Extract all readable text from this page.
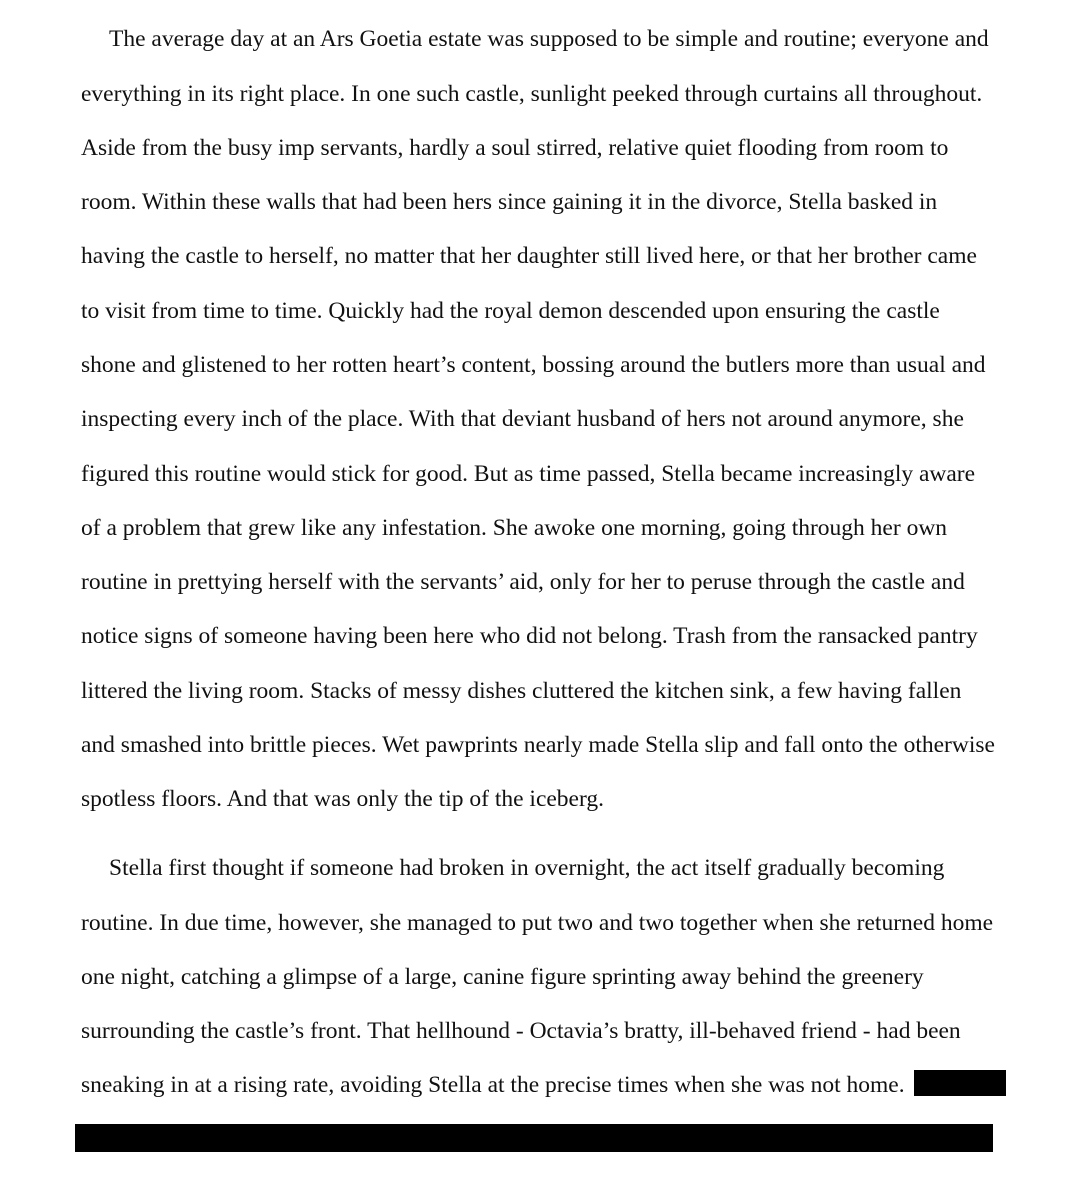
The average day at an Ars Goetia estate was supposed to be simple and routine; everyone and

everything in its right place. In one such castle, sunlight peeked through curtains all throughout.

Aside from the busy imp servants, hardly a soul stirred, relative quiet flooding from room to

room. Within these walls that had been hers since gaining it in the divorce, Stella basked in

having the castle to herself, no matter that her daughter still lived here, or that her brother came

to visit from time to time. Quickly had the royal demon descended upon ensuring the castle

shone and glistened to her rotten heart’s content, bossing around the butlers more than usual and

inspecting every inch of the place. With that deviant husband of hers not around anymore, she

figured this routine would stick for good. But as time passed, Stella became increasingly aware

of a problem that grew like any infestation. She awoke one morning, going through her own

routine in prettying herself with the servants’ aid, only for her to peruse through the castle and

notice signs of someone having been here who did not belong. Trash from the ransacked pantry

littered the living room. Stacks of messy dishes cluttered the kitchen sink, a few having fallen

and smashed into brittle pieces. Wet pawprints nearly made Stella slip and fall onto the otherwise

spotless floors. And that was only the tip of the iceberg.

Stella first thought if someone had broken in overnight, the act itself gradually becoming

routine. In due time, however, she managed to put two and two together when she returned home

one night, catching a glimpse of a large, canine figure sprinting away behind the greenery

surrounding the castle’s front. That hellhound - Octavia’s bratty, ill-behaved friend - had been

sneaking in at a rising rate, avoiding Stella at the precise times when she was not home.
